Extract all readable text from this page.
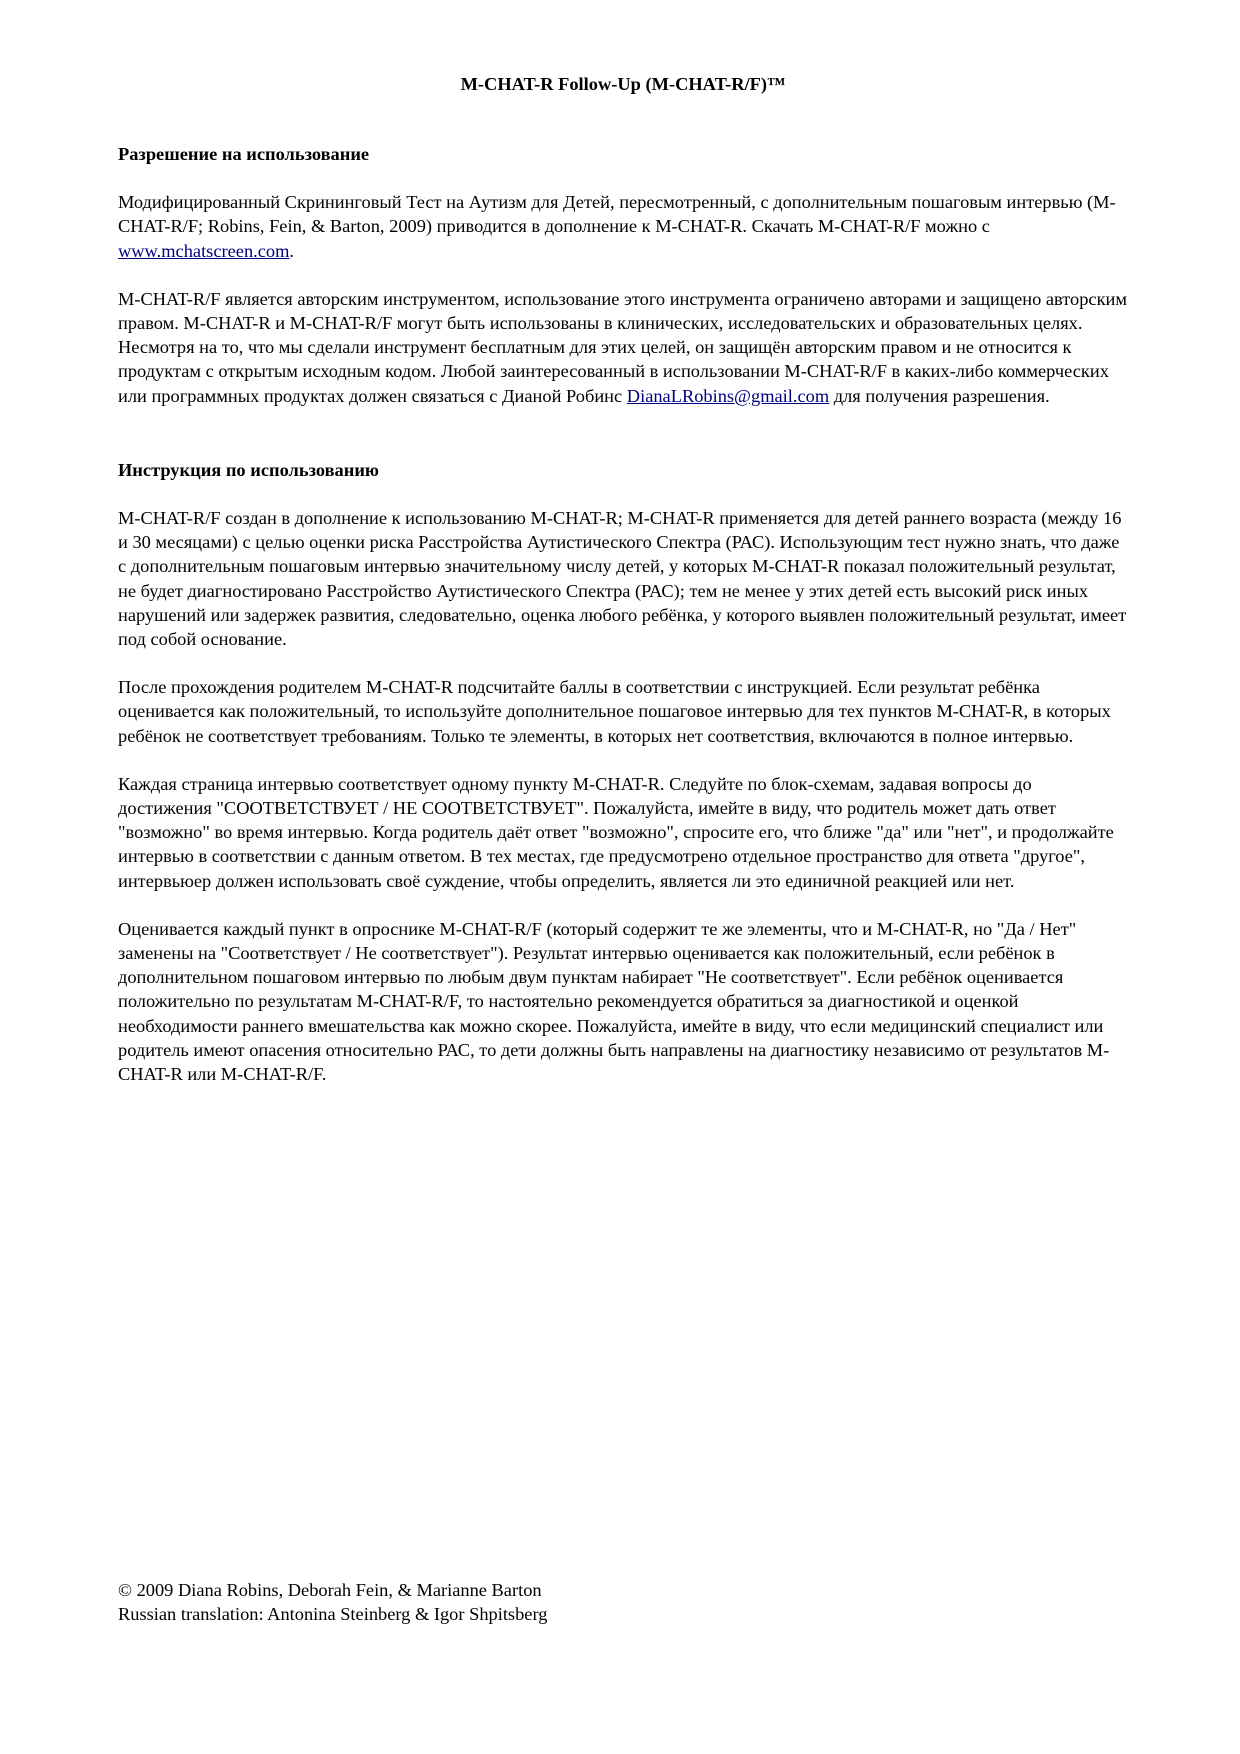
M-CHAT-R Follow-Up (M-CHAT-R/F)™
Разрешение на использование

Модифицированный Скрининговый Тест на Аутизм для Детей, пересмотренный, с дополнительным пошаговым интервью (M-CHAT-R/F; Robins, Fein, & Barton, 2009) приводится в дополнение к M-CHAT-R. Скачать M-CHAT-R/F можно с www.mchatscreen.com.

M-CHAT-R/F является авторским инструментом, использование этого инструмента ограничено авторами и защищено авторским правом. M-CHAT-R и M-CHAT-R/F могут быть использованы в клинических, исследовательских и образовательных целях. Несмотря на то, что мы сделали инструмент бесплатным для этих целей, он защищён авторским правом и не относится к продуктам с открытым исходным кодом. Любой заинтересованный в использовании M-CHAT-R/F в каких-либо коммерческих или программных продуктах должен связаться с Дианой Робинс DianaLRobins@gmail.com для получения разрешения.

Инструкция по использованию

M-CHAT-R/F создан в дополнение к использованию M-CHAT-R; M-CHAT-R применяется для детей раннего возраста (между 16 и 30 месяцами) с целью оценки риска Расстройства Аутистического Спектра (РАС). Использующим тест нужно знать, что даже с дополнительным пошаговым интервью значительному числу детей, у которых M-CHAT-R показал положительный результат, не будет диагностировано Расстройство Аутистического Спектра (РАС); тем не менее у этих детей есть высокий риск иных нарушений или задержек развития, следовательно, оценка любого ребёнка, у которого выявлен положительный результат, имеет под собой основание.

После прохождения родителем M-CHAT-R подсчитайте баллы в соответствии с инструкцией. Если результат ребёнка оценивается как положительный, то используйте дополнительное пошаговое интервью для тех пунктов M-CHAT-R, в которых ребёнок не соответствует требованиям. Только те элементы, в которых нет соответствия, включаются в полное интервью.

Каждая страница интервью соответствует одному пункту M-CHAT-R. Следуйте по блок-схемам, задавая вопросы до достижения "СООТВЕТСТВУЕТ / НЕ СООТВЕТСТВУЕТ". Пожалуйста, имейте в виду, что родитель может дать ответ "возможно" во время интервью. Когда родитель даёт ответ "возможно", спросите его, что ближе "да" или "нет", и продолжайте интервью в соответствии с данным ответом. В тех местах, где предусмотрено отдельное пространство для ответа "другое", интервьюер должен использовать своё суждение, чтобы определить, является ли это единичной реакцией или нет.

Оценивается каждый пункт в опроснике M-CHAT-R/F (который содержит те же элементы, что и M-CHAT-R, но "Да / Нет" заменены на "Соответствует / Не соответствует"). Результат интервью оценивается как положительный, если ребёнок в дополнительном пошаговом интервью по любым двум пунктам набирает "Не соответствует". Если ребёнок оценивается положительно по результатам M-CHAT-R/F, то настоятельно рекомендуется обратиться за диагностикой и оценкой необходимости раннего вмешательства как можно скорее. Пожалуйста, имейте в виду, что если медицинский специалист или родитель имеют опасения относительно РАС, то дети должны быть направлены на диагностику независимо от результатов M-CHAT-R или M-CHAT-R/F.

© 2009 Diana Robins, Deborah Fein, & Marianne Barton
Russian translation: Antonina Steinberg & Igor Shpitsberg
